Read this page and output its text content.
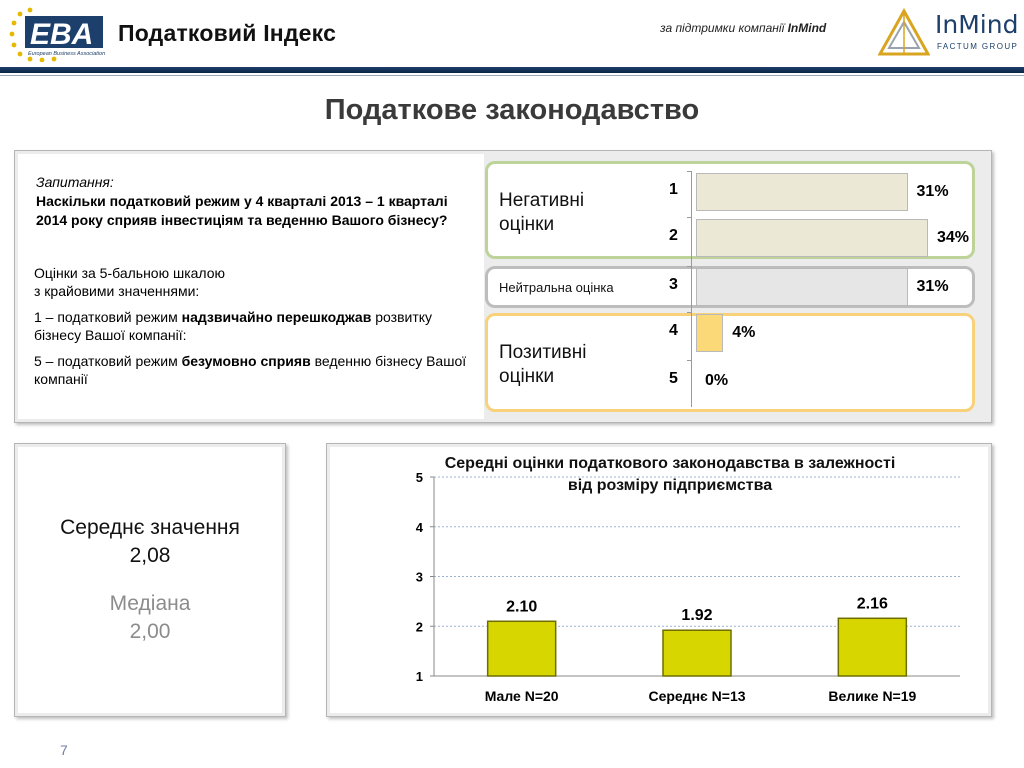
EBA
European Business Association
Податковий Індекс	за підтримки компанії InMind	InMind
FACTUM GROUP
Податкове законодавство
Запитання:
Наскільки податковий режим у 4 кварталі 2013 – 1 кварталі 2014 року сприяв інвестиціям та веденню Вашого бізнесу?

Оцінки за 5-бальною шкалою
з крайовими значеннями:

1 – податковий режим надзвичайно перешкоджав розвитку бізнесу Вашої компанії:

5 – податковий режим безумовно сприяв веденню бізнесу Вашої компанії

Негативні
оцінки
Нейтральна оцінка
Позитивні
оцінки
1	31%
2	34%
3	31%
4	4%
5 0%
Середнє значення
2,08
Медіана
2,00
1
2
3
4
5
2.10
Мале N=20
1.92
Середнє N=13
2.16
Велике N=19
Середні оцінки податкового законодавства в залежності від розміру підприємства
7
